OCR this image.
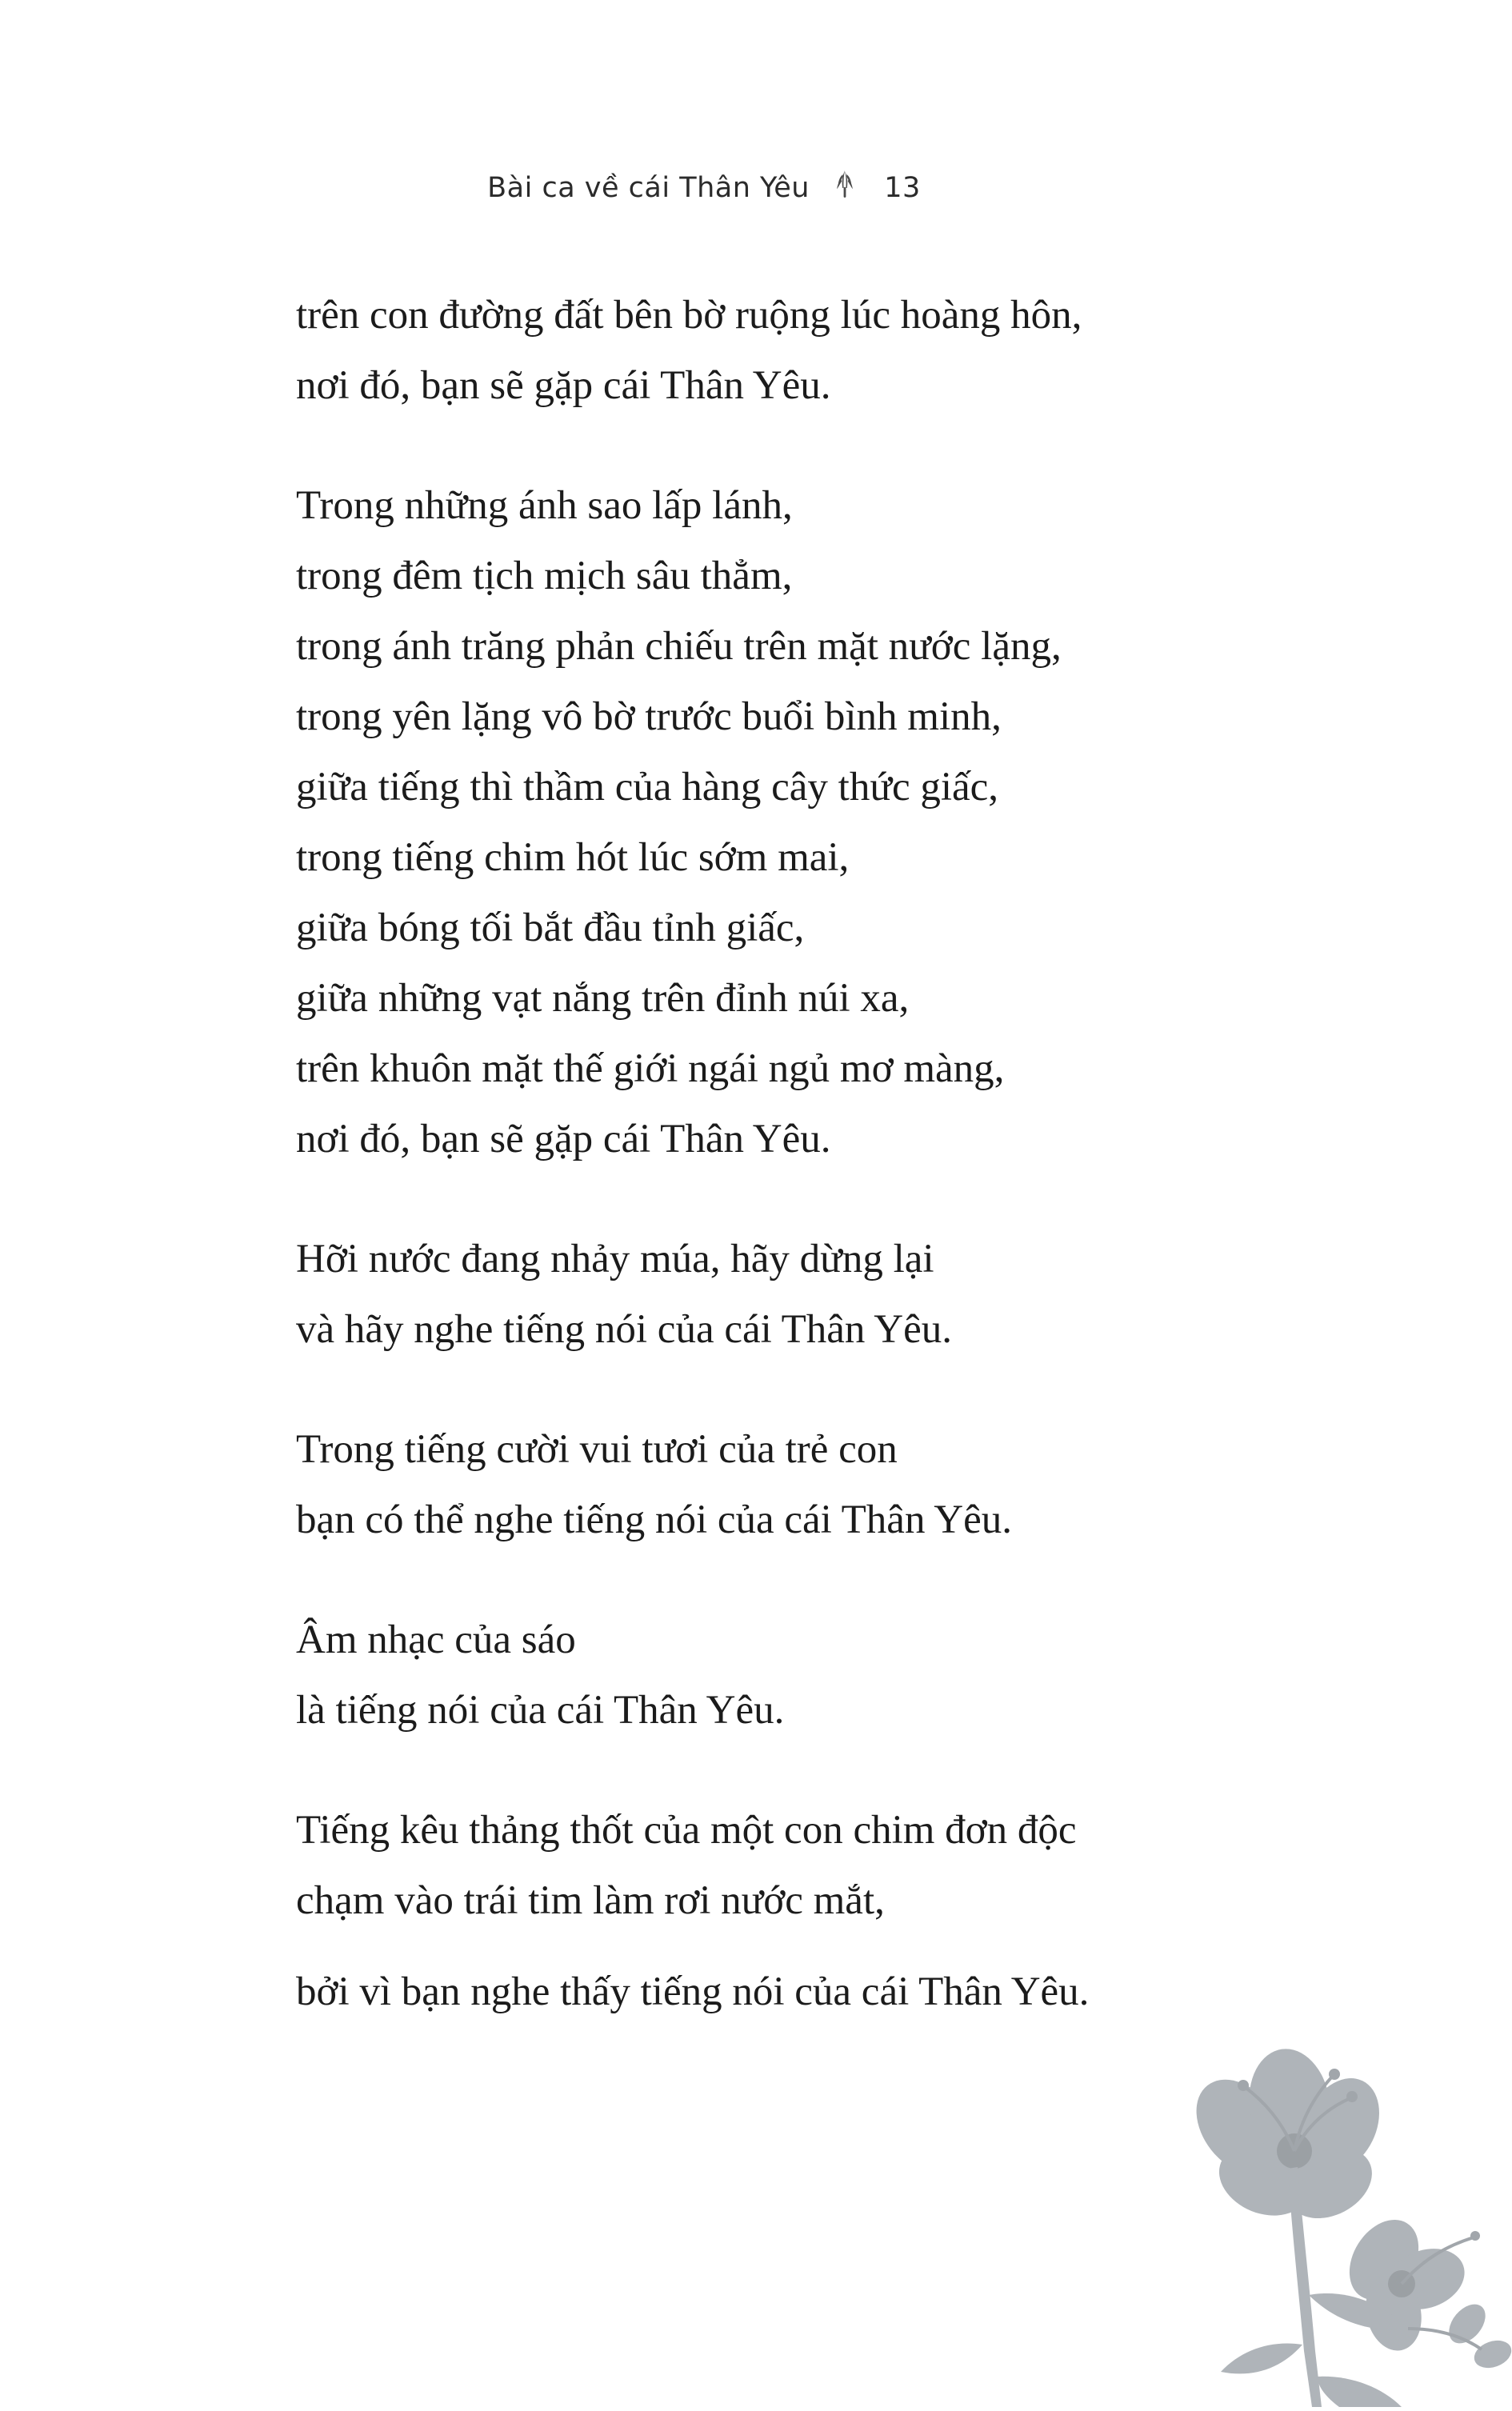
Bài ca về cái Thân Yêu	13
trên con đường đất bên bờ ruộng lúc hoàng hôn,
nơi đó, bạn sẽ gặp cái Thân Yêu.
Trong những ánh sao lấp lánh,
trong đêm tịch mịch sâu thẳm,
trong ánh trăng phản chiếu trên mặt nước lặng,
trong yên lặng vô bờ trước buổi bình minh,
giữa tiếng thì thầm của hàng cây thức giấc,
trong tiếng chim hót lúc sớm mai,
giữa bóng tối bắt đầu tỉnh giấc,
giữa những vạt nắng trên đỉnh núi xa,
trên khuôn mặt thế giới ngái ngủ mơ màng,
nơi đó, bạn sẽ gặp cái Thân Yêu.
Hỡi nước đang nhảy múa, hãy dừng lại
và hãy nghe tiếng nói của cái Thân Yêu.
Trong tiếng cười vui tươi của trẻ con
bạn có thể nghe tiếng nói của cái Thân Yêu.
Âm nhạc của sáo
là tiếng nói của cái Thân Yêu.
Tiếng kêu thảng thốt của một con chim đơn độc
chạm vào trái tim làm rơi nước mắt,
bởi vì bạn nghe thấy tiếng nói của cái Thân Yêu.
